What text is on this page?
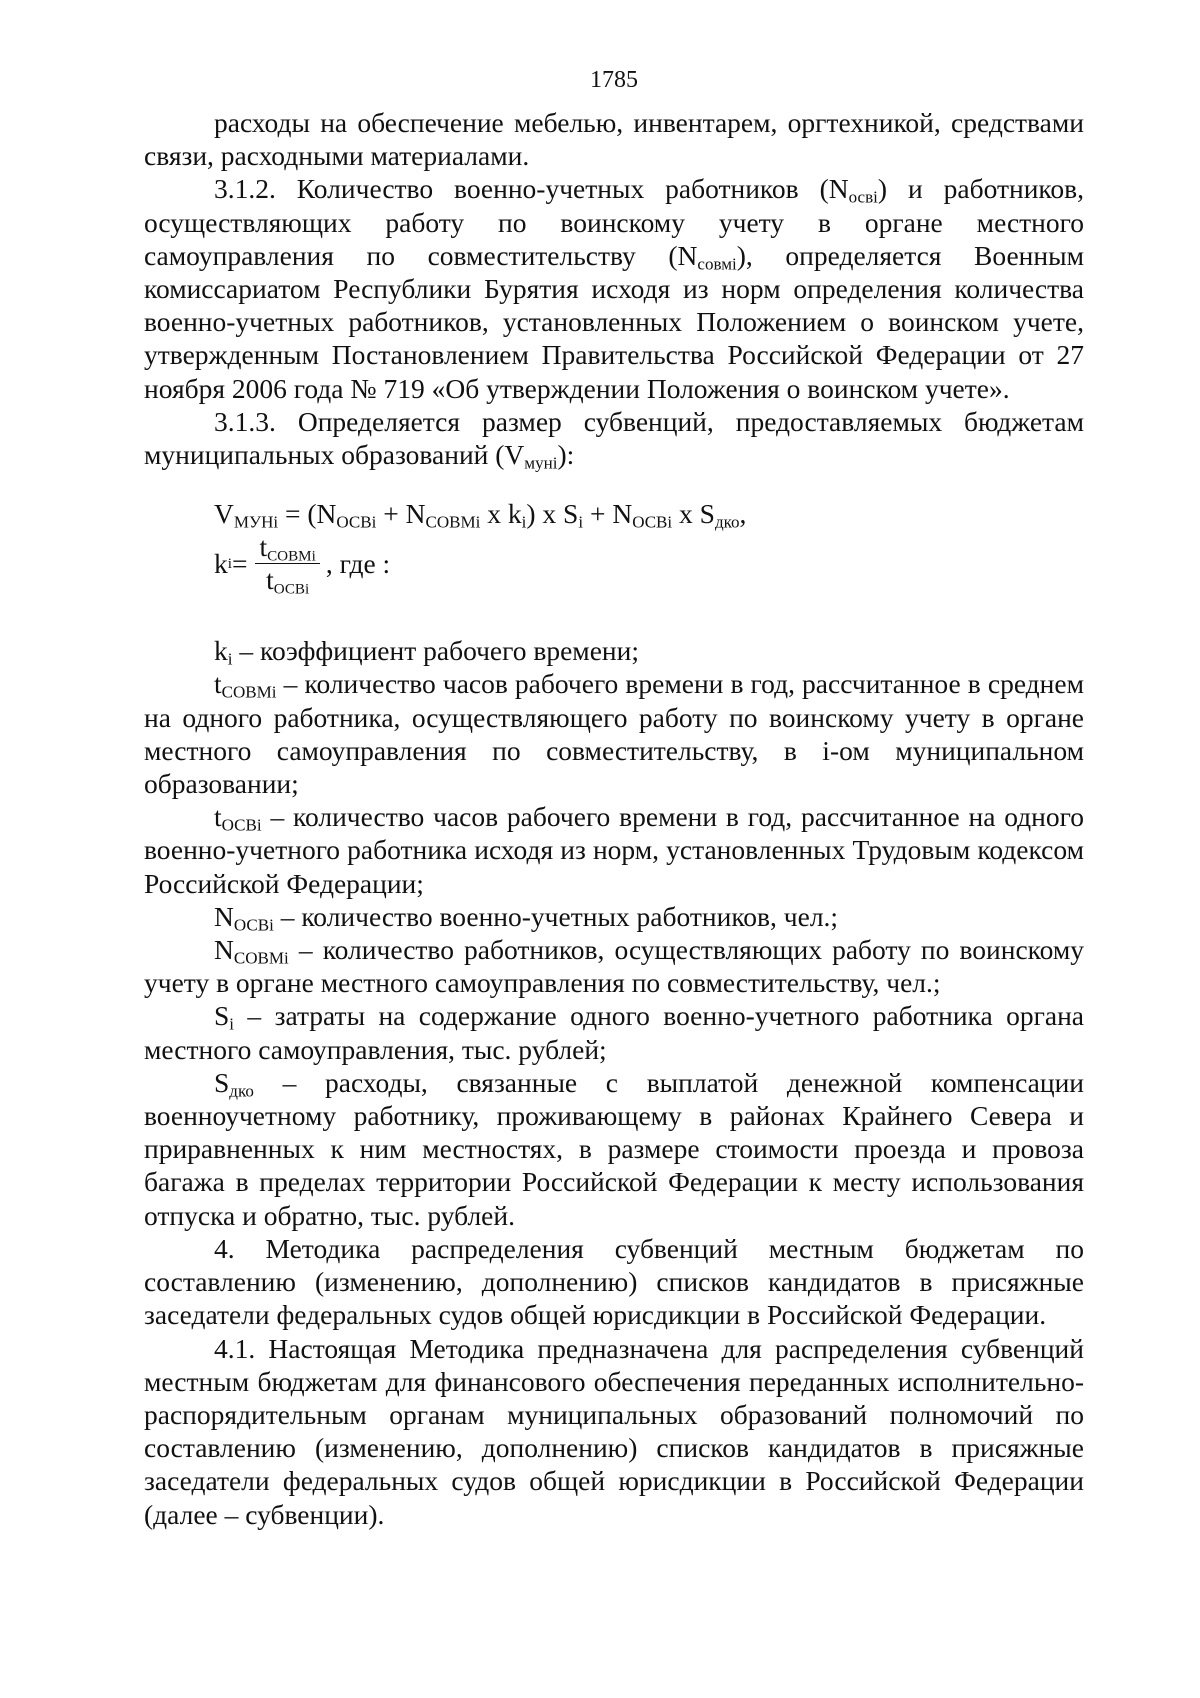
1785

расходы на обеспечение мебелью, инвентарем, оргтехникой, средствами связи, расходными материалами.

3.1.2. Количество военно-учетных работников $(N_{освi})$ и работников, осуществляющих работу по воинскому учету в органе местного самоуправления по совместительству $(N_{совмi})$, определяется Военным комиссариатом Республики Бурятия исходя из норм определения количества военно-учетных работников, установленных Положением о воинском учете, утвержденным Постановлением Правительства Российской Федерации от 27 ноября 2006 года № 719 «Об утверждении Положения о воинском учете».

3.1.3. Определяется размер субвенций, предоставляемых бюджетам муниципальных образований $(V_{муні})$:

$V_{МУНi} = (N_{ОСВi} + N_{СОВМi}$ x $k_i$) x $S_i + N_{ОСВi}$ x $S_{дко}$,
k $i = \frac{t_{СОВМi}}{t_{ОСВi}}$ , где :

$k_i$ – коэффициент рабочего времени;

$t_{СОВМi}$ – количество часов рабочего времени в год, рассчитанное в среднем на одного работника, осуществляющего работу по воинскому учету в органе местного самоуправления по совместительству, в i-ом муниципальном образовании;

$t_{ОСВi}$ – количество часов рабочего времени в год, рассчитанное на одного военно-учетного работника исходя из норм, установленных Трудовым кодексом Российской Федерации;

$N_{ОСВi}$ – количество военно-учетных работников, чел.;

$N_{СОВМi}$ – количество работников, осуществляющих работу по воинскому учету в органе местного самоуправления по совместительству, чел.;

$S_i$ – затраты на содержание одного военно-учетного работника органа местного самоуправления, тыс. рублей;

$S_{дко}$ – расходы, связанные с выплатой денежной компенсации военноучетному работнику, проживающему в районах Крайнего Севера и приравненных к ним местностях, в размере стоимости проезда и провоза багажа в пределах территории Российской Федерации к месту использования отпуска и обратно, тыс. рублей.

4. Методика распределения субвенций местным бюджетам по составлению (изменению, дополнению) списков кандидатов в присяжные заседатели федеральных судов общей юрисдикции в Российской Федерации.

4.1. Настоящая Методика предназначена для распределения субвенций местным бюджетам для финансового обеспечения переданных исполнительно-распорядительным органам муниципальных образований полномочий по составлению (изменению, дополнению) списков кандидатов в присяжные заседатели федеральных судов общей юрисдикции в Российской Федерации (далее – субвенции).
